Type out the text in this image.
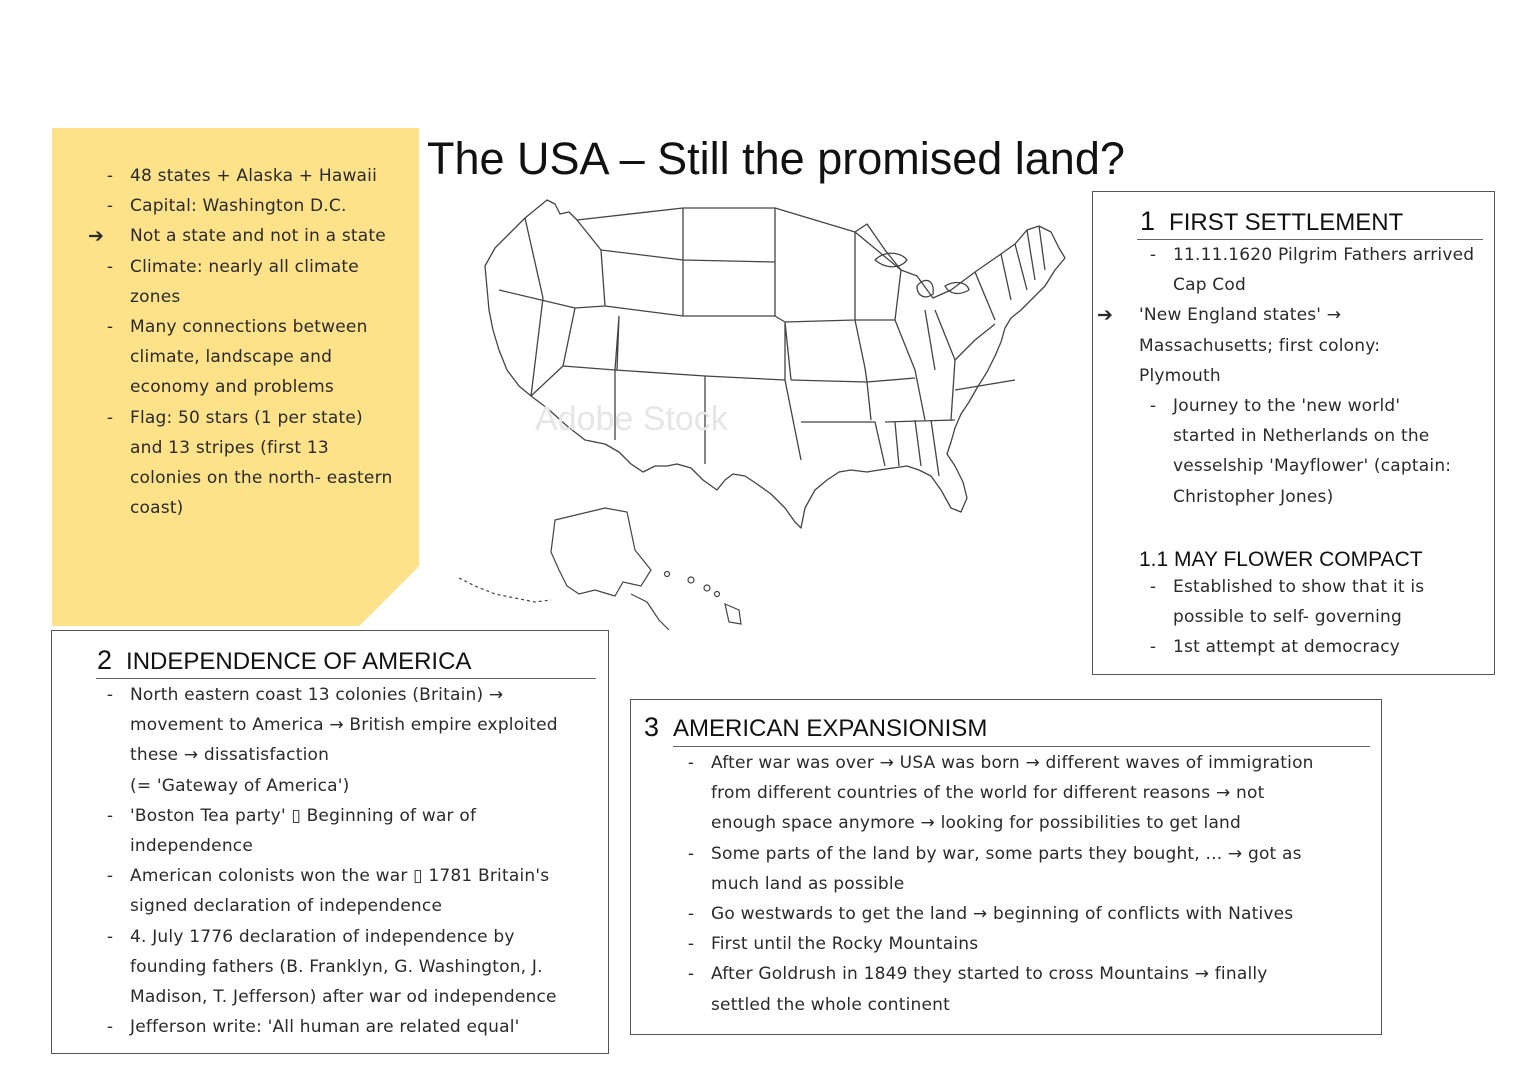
- 48 states + Alaska + Hawaii
- Capital: Washington D.C.
➔ Not a state and not in a state
- Climate: nearly all climate
zones
- Many connections between
climate, landscape and
economy and problems
- Flag: 50 stars (1 per state)
and 13 stripes (first 13
colonies on the north- eastern
coast)
The USA – Still the promised land?
Adobe Stock
1 FIRST SETTLEMENT
- 11.11.1620 Pilgrim Fathers arrived
Cap Cod
➔ 'New England states' →
Massachusetts; first colony:
Plymouth
- Journey to the 'new world'
started in Netherlands on the
vesselship 'Mayflower' (captain:
Christopher Jones)
1.1 MAY FLOWER COMPACT
- Established to show that it is
possible to self- governing
- 1st attempt at democracy
2 INDEPENDENCE OF AMERICA
- North eastern coast 13 colonies (Britain) →
movement to America → British empire exploited
these → dissatisfaction
(= 'Gateway of America')
- 'Boston Tea party' ▯ Beginning of war of
independence
- American colonists won the war ▯ 1781 Britain's
signed declaration of independence
- 4. July 1776 declaration of independence by
founding fathers (B. Franklyn, G. Washington, J.
Madison, T. Jefferson) after war od independence
- Jefferson write: 'All human are related equal'
3 AMERICAN EXPANSIONISM
- After war was over → USA was born → different waves of immigration
from different countries of the world for different reasons → not
enough space anymore → looking for possibilities to get land
- Some parts of the land by war, some parts they bought, ... → got as
much land as possible
- Go westwards to get the land → beginning of conflicts with Natives
- First until the Rocky Mountains
- After Goldrush in 1849 they started to cross Mountains → finally
settled the whole continent
